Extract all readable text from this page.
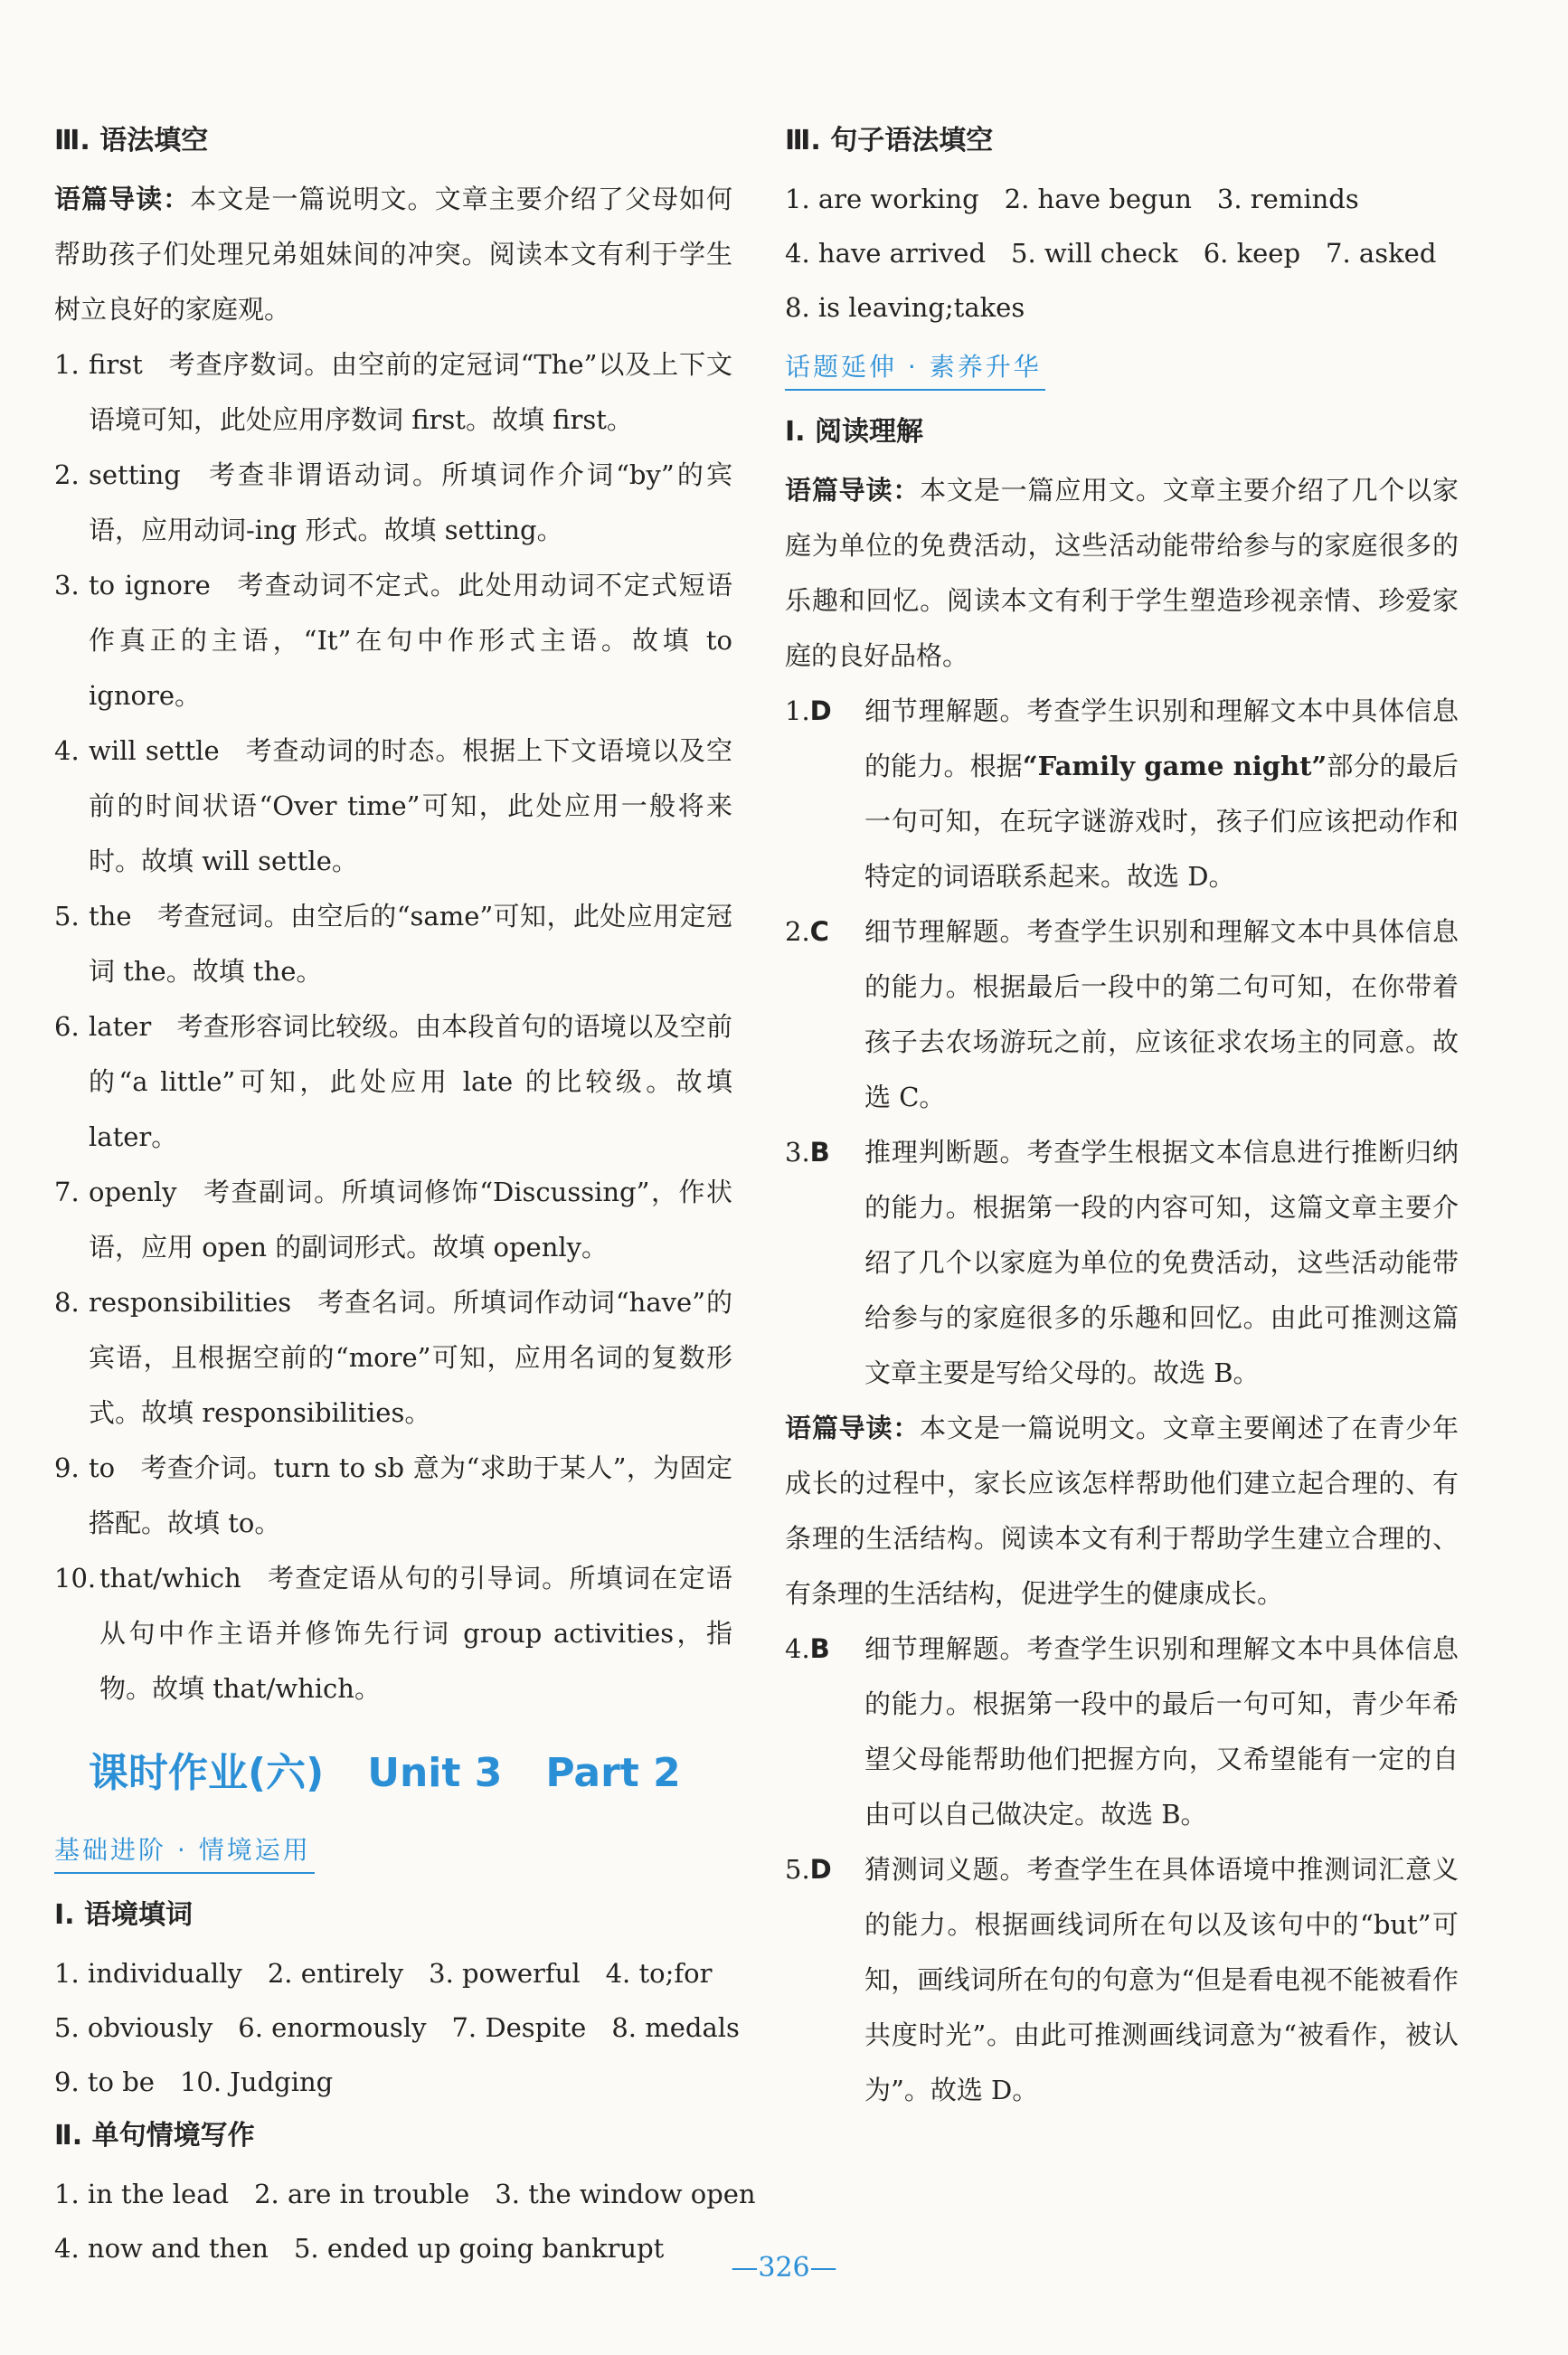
Ⅲ. 语法填空

语篇导读：本文是一篇说明文。文章主要介绍了父母如何帮助孩子们处理兄弟姐妹间的冲突。阅读本文有利于学生树立良好的家庭观。

1. first 考查序数词。由空前的定冠词“The”以及上下文语境可知，此处应用序数词 first。故填 first。
2. setting 考查非谓语动词。所填词作介词“by”的宾语，应用动词-ing 形式。故填 setting。
3. to ignore 考查动词不定式。此处用动词不定式短语作真正的主语，“It”在句中作形式主语。故填 to ignore。
4. will settle 考查动词的时态。根据上下文语境以及空前的时间状语“Over time”可知，此处应用一般将来时。故填 will settle。
5. the 考查冠词。由空后的“same”可知，此处应用定冠词 the。故填 the。
6. later 考查形容词比较级。由本段首句的语境以及空前的“a little”可知，此处应用 late 的比较级。故填 later。
7. openly 考查副词。所填词修饰“Discussing”，作状语，应用 open 的副词形式。故填 openly。
8. responsibilities 考查名词。所填词作动词“have”的宾语，且根据空前的“more”可知，应用名词的复数形式。故填 responsibilities。
9. to 考查介词。turn to sb 意为“求助于某人”，为固定搭配。故填 to。
10. that/which 考查定语从句的引导词。所填词在定语从句中作主语并修饰先行词 group activities，指物。故填 that/which。
课时作业(六) Unit 3 Part 2
基础进阶 · 情境运用
Ⅰ. 语境填词
1. individually 2. entirely 3. powerful 4. to;for
5. obviously 6. enormously 7. Despite 8. medals
9. to be 10. Judging
Ⅱ. 单句情境写作
1. in the lead 2. are in trouble 3. the window open
4. now and then 5. ended up going bankrupt
Ⅲ. 句子语法填空
1. are working 2. have begun 3. reminds
4. have arrived 5. will check 6. keep 7. asked
8. is leaving;takes
话题延伸 · 素养升华
Ⅰ. 阅读理解

语篇导读：本文是一篇应用文。文章主要介绍了几个以家庭为单位的免费活动，这些活动能带给参与的家庭很多的乐趣和回忆。阅读本文有利于学生塑造珍视亲情、珍爱家庭的良好品格。

1.D 细节理解题。考查学生识别和理解文本中具体信息的能力。根据“Family game night”部分的最后一句可知，在玩字谜游戏时，孩子们应该把动作和特定的词语联系起来。故选 D。
2.C 细节理解题。考查学生识别和理解文本中具体信息的能力。根据最后一段中的第二句可知，在你带着孩子去农场游玩之前，应该征求农场主的同意。故选 C。
3.B 推理判断题。考查学生根据文本信息进行推断归纳的能力。根据第一段的内容可知，这篇文章主要介绍了几个以家庭为单位的免费活动，这些活动能带给参与的家庭很多的乐趣和回忆。由此可推测这篇文章主要是写给父母的。故选 B。

语篇导读：本文是一篇说明文。文章主要阐述了在青少年成长的过程中，家长应该怎样帮助他们建立起合理的、有条理的生活结构。阅读本文有利于帮助学生建立合理的、有条理的生活结构，促进学生的健康成长。

4.B 细节理解题。考查学生识别和理解文本中具体信息的能力。根据第一段中的最后一句可知，青少年希望父母能帮助他们把握方向，又希望能有一定的自由可以自己做决定。故选 B。
5.D 猜测词义题。考查学生在具体语境中推测词汇意义的能力。根据画线词所在句以及该句中的“but”可知，画线词所在句的句意为“但是看电视不能被看作共度时光”。由此可推测画线词意为“被看作，被认为”。故选 D。
—326—
